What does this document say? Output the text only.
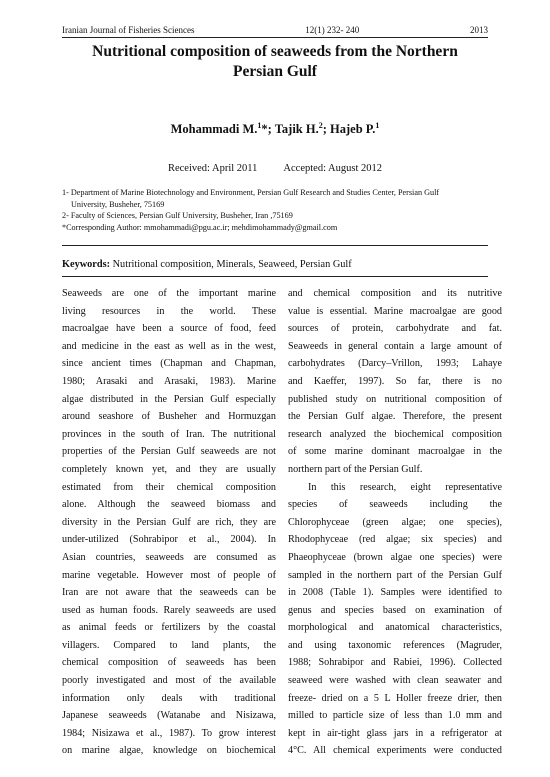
Iranian Journal of Fisheries Sciences	12(1) 232- 240	2013
Nutritional composition of seaweeds from the Northern
Persian Gulf
Mohammadi M.$^1$*; Tajik H.$^2$; Hajeb P.$^1$
Received: April 2011 Accepted: August 2012
1- Department of Marine Biotechnology and Environment, Persian Gulf Research and Studies Center, Persian Gulf
University, Busheher, 75169
2- Faculty of Sciences, Persian Gulf University, Busheher, Iran ,75169
*Corresponding Author: mmohammadi@pgu.ac.ir; mehdimohammady@gmail.com
Keywords: Nutritional composition, Minerals, Seaweed, Persian Gulf
Seaweeds are one of the important marine
living resources in the world. These
macroalgae have been a source of food, feed
and medicine in the east as well as in the west,
since ancient times (Chapman and Chapman,
1980; Arasaki and Arasaki, 1983). Marine
algae distributed in the Persian Gulf especially
around seashore of Busheher and Hormuzgan
provinces in the south of Iran. The nutritional
properties of the Persian Gulf seaweeds are not
completely known yet, and they are usually
estimated from their chemical composition
alone. Although the seaweed biomass and
diversity in the Persian Gulf are rich, they are
under-utilized (Sohrabipor et al., 2004). In
Asian countries, seaweeds are consumed as
marine vegetable. However most of people of
Iran are not aware that the seaweeds can be
used as human foods. Rarely seaweeds are used
as animal feeds or fertilizers by the coastal
villagers. Compared to land plants, the
chemical composition of seaweeds has been
poorly investigated and most of the available
information only deals with traditional
Japanese seaweeds (Watanabe and Nisizawa,
1984; Nisizawa et al., 1987). To grow interest
on marine algae, knowledge on biochemical
and chemical composition and its nutritive
value is essential. Marine macroalgae are good
sources of protein, carbohydrate and fat.
Seaweeds in general contain a large amount of
carbohydrates (Darcy–Vrillon, 1993; Lahaye
and Kaeffer, 1997). So far, there is no
published study on nutritional composition of
the Persian Gulf algae. Therefore, the present
research analyzed the biochemical composition
of some marine dominant macroalgae in the
northern part of the Persian Gulf.
In this research, eight representative
species of seaweeds including the
Chlorophyceae (green algae; one species),
Rhodophyceae (red algae; six species) and
Phaeophyceae (brown algae one species) were
sampled in the northern part of the Persian Gulf
in 2008 (Table 1). Samples were identified to
genus and species based on examination of
morphological and anatomical characteristics,
and using taxonomic references (Magruder,
1988; Sohrabipor and Rabiei, 1996). Collected
seaweed were washed with clean seawater and
freeze- dried on a 5 L Holler freeze drier, then
milled to particle size of less than 1.0 mm and
kept in air-tight glass jars in a refrigerator at
4°C. All chemical experiments were conducted
